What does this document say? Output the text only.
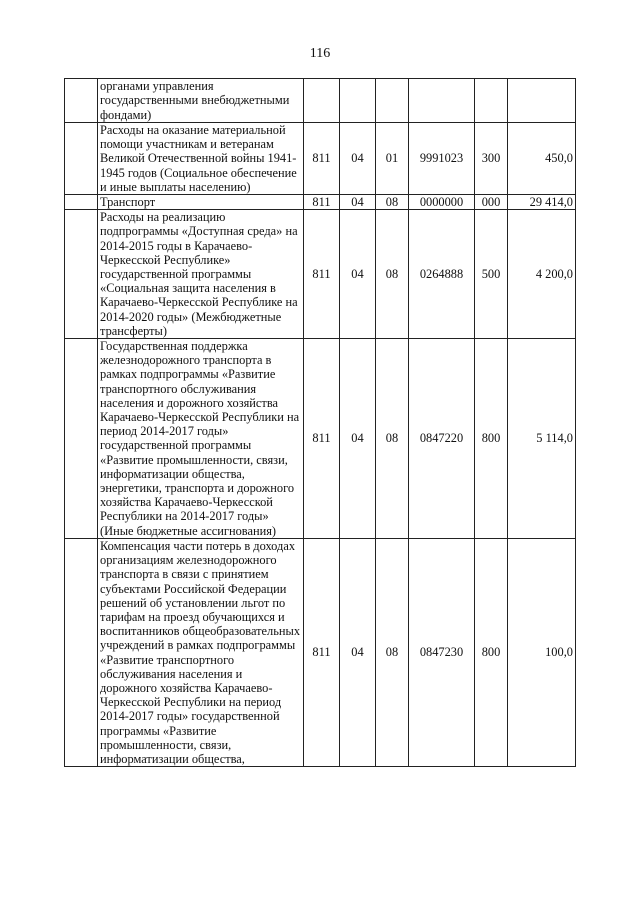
116
	органами управления государственными внебюджетными фондами)						
	Расходы на оказание материальной помощи участникам и ветеранам Великой Отечественной войны 1941-1945 годов (Социальное обеспечение и иные выплаты населению)	811	04	01	9991023	300	450,0
	Транспорт	811	04	08	0000000	000	29 414,0
	Расходы на реализацию подпрограммы «Доступная среда» на 2014-2015 годы в Карачаево-Черкесской Республике» государственной программы «Социальная защита населения в Карачаево-Черкесской Республике на 2014-2020 годы» (Межбюджетные трансферты)	811	04	08	0264888	500	4 200,0
	Государственная поддержка железнодорожного транспорта в рамках подпрограммы «Развитие транспортного обслуживания населения и дорожного хозяйства Карачаево-Черкесской Республики на период 2014-2017 годы» государственной программы «Развитие промышленности, связи, информатизации общества, энергетики, транспорта и дорожного хозяйства Карачаево-Черкесской Республики на 2014-2017 годы» (Иные бюджетные ассигнования)	811	04	08	0847220	800	5 114,0
	Компенсация части потерь в доходах организациям железнодорожного транспорта в связи с принятием субъектами Российской Федерации решений об установлении льгот по тарифам на проезд обучающихся и воспитанников общеобразовательных учреждений в рамках подпрограммы «Развитие транспортного обслуживания населения и дорожного хозяйства Карачаево-Черкесской Республики на период 2014-2017 годы» государственной программы «Развитие промышленности, связи, информатизации общества,	811	04	08	0847230	800	100,0
